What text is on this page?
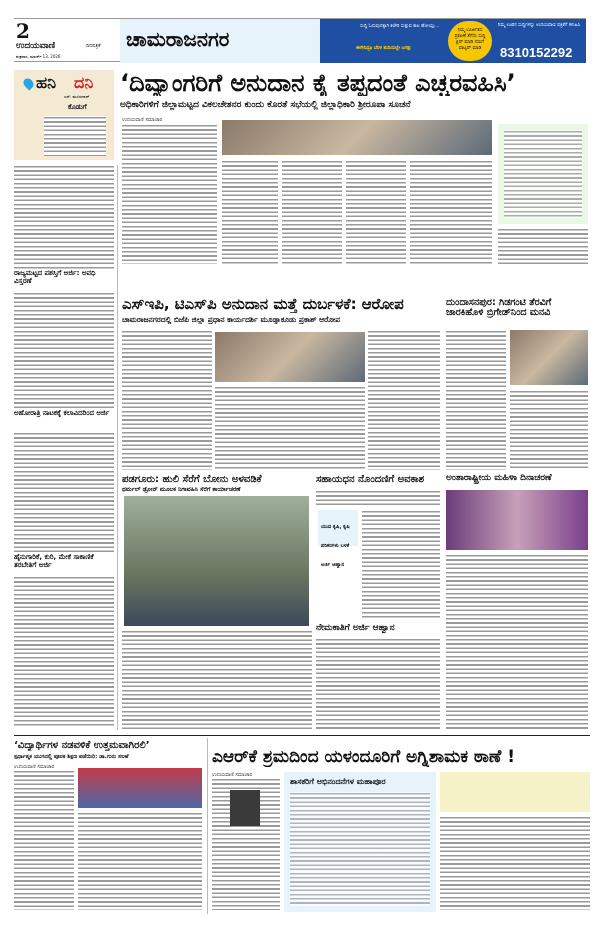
2
ಉದಯವಾಣಿ	ದಿನಪತ್ರಿಕೆ
ಶುಕ್ರವಾರ, ಮಾರ್ಚ್ 13, 2026
ಚಾಮರಾಜನಗರ
ಸುದ್ದಿ ಓದುವುದಕ್ಕಾಗಿ ಕಚೇರಿ ಸುತ್ತುವ ಕಾಲ ಹೋಯ್ತು...
ಈಗೇನಿದ್ರೂ ಬೆರಳ ತುದಿಯಲ್ಲೇ ಜಗತ್ತು
ನಿಮ್ಮ ಊರ್ಜಿತದ ಪ್ರಕಟಣೆ ತೆಗೆದು ಸುದ್ದಿ ಕ್ಲಿಪ್ ಮಾಡಿ ನಮಗೆ ವಾಟ್ಸಪ್ ಮಾಡಿ
ನಿಮ್ಮ ಊರಿನ ಸುದ್ದಿಗಳನ್ನು ಉದಯವಾಣಿ ಪತ್ರಿಕೆಗೆ ಕಳುಹಿಸಿ
8310152292
ಹನಿ ದನಿ
ಎಸ್. ಮಂಜುನಾಥ್
ಕೊಡುಗೆ
‘ದಿವ್ಯಾಂಗರಿಗೆ ಅನುದಾನ ಕೈ ತಪ್ಪದಂತೆ ಎಚ್ಚರವಹಿಸಿ’
ಅಧಿಕಾರಿಗಳಿಗೆ ಜಿಲ್ಲಾಮಟ್ಟದ ವಿಕಲಚೇತನರ ಕುಂದು ಕೊರತೆ ಸಭೆಯಲ್ಲಿ ಜಿಲ್ಲಾಧಿಕಾರಿ ಶ್ರೀರೂಪಾ ಸೂಚನೆ
ಉದಯವಾಣಿ ಸಮಾಚಾರ
ರಾಜ್ಯಮಟ್ಟದ ಪಶಸ್ತಿಗೆ ಅರ್ಜಿ: ಅವಧಿ ವಿಸ್ತರಣೆ
ಅಹೋರಾತ್ರಿ ನಾಟಕಕ್ಕೆ ಕಲಾವಿದರಿಂದ ಅರ್ಜಿ
ಹೈನುಗಾರಿಕೆ, ಕುರಿ, ಮೇಕೆ ಸಾಕಾಣಿಕೆ ತರಬೇತಿಗೆ ಅರ್ಜಿ
ಎಸ್‌ಇಪಿ, ಟಿಎಸ್‌ಪಿ ಅನುದಾನ ಮತ್ತೆ ದುರ್ಬಳಕೆ: ಆರೋಪ
ಚಾಮರಾಜನಗರದಲ್ಲಿ ಬಿಜೆಪಿ ಜಿಲ್ಲಾ ಪ್ರಧಾನ ಕಾರ್ಯದರ್ಶಿ ಮೂಡ್ನಾಕೂಡು ಪ್ರಕಾಶ್ ಆರೋಪ
ದುಂದಾಸನಪುರ: ಗಿಡಗಂಟಿ ತೆರವಿಗೆ ಜಾರಕಿಹೊಳಿ ಬ್ರಿಗೇಡ್‌ನಿಂದ ಮನವಿ
ಪಡಗೂರು: ಹುಲಿ ಸೆರೆಗೆ ಬೋನು ಅಳವಡಿಕೆ
ಥರ್ಮಲ್ ಡ್ರೋನ್ ಮೂಲಕ ನಿಗಾವಹಿಸಿ ಸೆರೆಗೆ ಕಾರ್ಯಾಚರಣೆ
ಸಹಾಯಧನ ನೊಂದಣಿಗೆ ಅವಕಾಶ
ಯುವ ಕೃಷಿ, ಕೃಷಿ ಪರಿಕರಗಳು ಬಳಕೆ ಅರ್ಜಿ ಆಹ್ವಾನ
ನೇಮಕಾತಿಗೆ ಅರ್ಜಿ ಆಹ್ವಾನ
ಅಂತಾರಾಷ್ಟ್ರೀಯ ಮಹಿಳಾ ದಿನಾಚರಣೆ
‘ವಿದ್ಯಾರ್ಥಿಗಳ ನಡವಳಿಕೆ ಉತ್ತಮವಾಗಿರಲಿ’
ಸ್ಪರ್ಧಾತ್ಮಕ ಯುಗದಲ್ಲಿ ಪೂರಕ ಶಿಕ್ಷಣ ಪಡೆಯಿರಿ: ಡಾ.ಗುರು ಸಲಹೆ
ಉದಯವಾಣಿ ಸಮಾಚಾರ	ಎಆರ್‌ಕೆ ಶ್ರಮದಿಂದ ಯಳಂದೂರಿಗೆ ಅಗ್ನಿಶಾಮಕ ಠಾಣೆ !
ಉದಯವಾಣಿ ಸಮಾಚಾರ
ಶಾಸಕರಿಗೆ ಅಭಿನಂದನೆಗಳ ಮಹಾಪೂರ
